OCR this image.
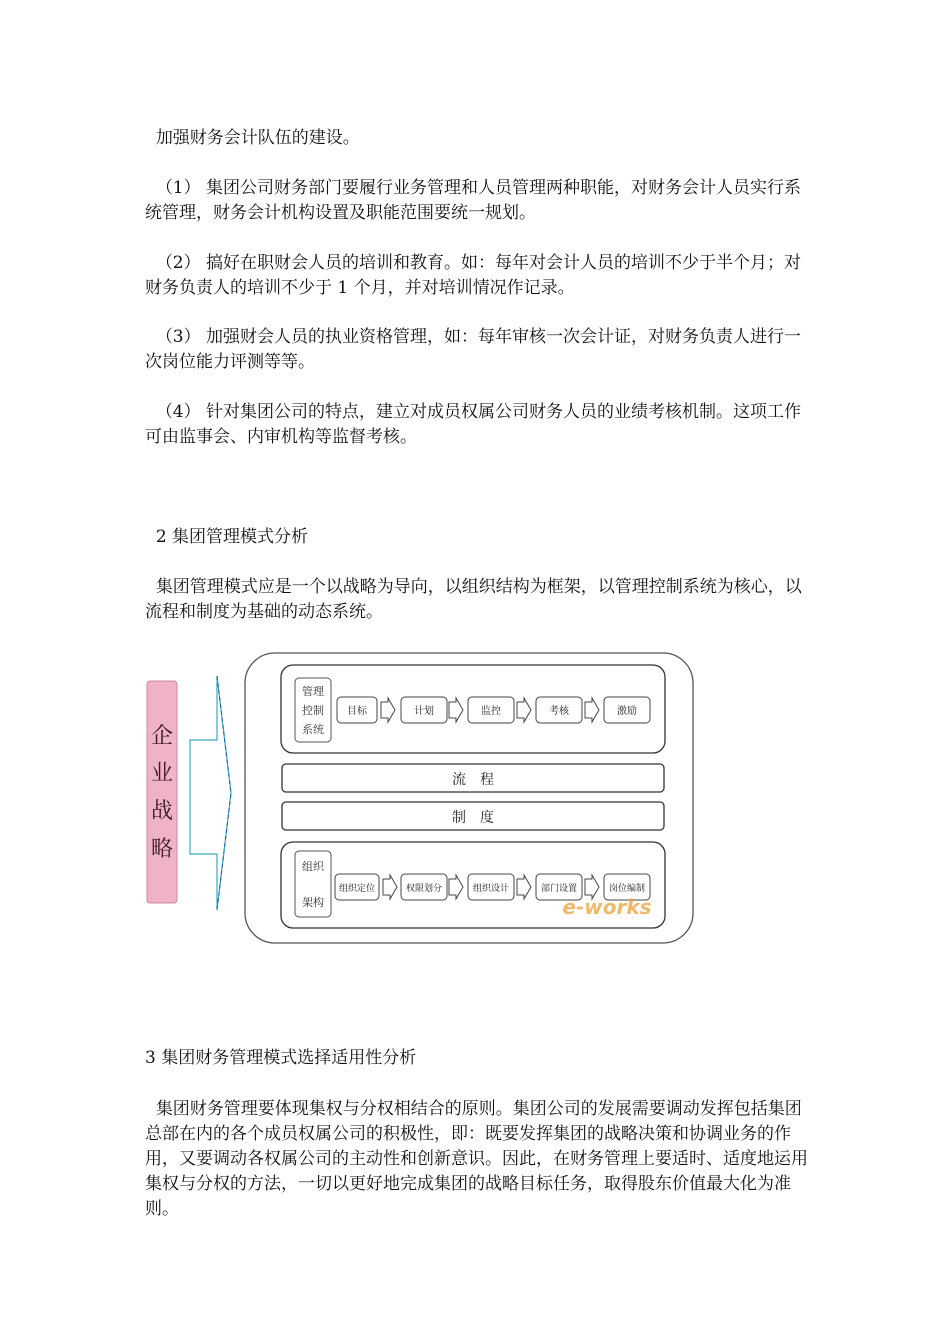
加强财务会计队伍的建设。

（1） 集团公司财务部门要履行业务管理和人员管理两种职能，对财务会计人员实行系统管理，财务会计机构设置及职能范围要统一规划。

（2） 搞好在职财会人员的培训和教育。如：每年对会计人员的培训不少于半个月；对财务负责人的培训不少于 1 个月，并对培训情况作记录。

（3） 加强财会人员的执业资格管理，如：每年审核一次会计证，对财务负责人进行一次岗位能力评测等等。

（4） 针对集团公司的特点，建立对成员权属公司财务人员的业绩考核机制。这项工作可由监事会、内审机构等监督考核。

2 集团管理模式分析

集团管理模式应是一个以战略为导向，以组织结构为框架，以管理控制系统为核心，以流程和制度为基础的动态系统。

企
业
战
略
管理
控制
系统
目标	计划	监控	考核	激励
流　程
制　度
组织
架构
组织定位	权限划分	组织设计	部门设置	岗位编制
e-works

3 集团财务管理模式选择适用性分析

集团财务管理要体现集权与分权相结合的原则。集团公司的发展需要调动发挥包括集团总部在内的各个成员权属公司的积极性，即：既要发挥集团的战略决策和协调业务的作用，又要调动各权属公司的主动性和创新意识。因此，在财务管理上要适时、适度地运用集权与分权的方法，一切以更好地完成集团的战略目标任务，取得股东价值最大化为准则。
